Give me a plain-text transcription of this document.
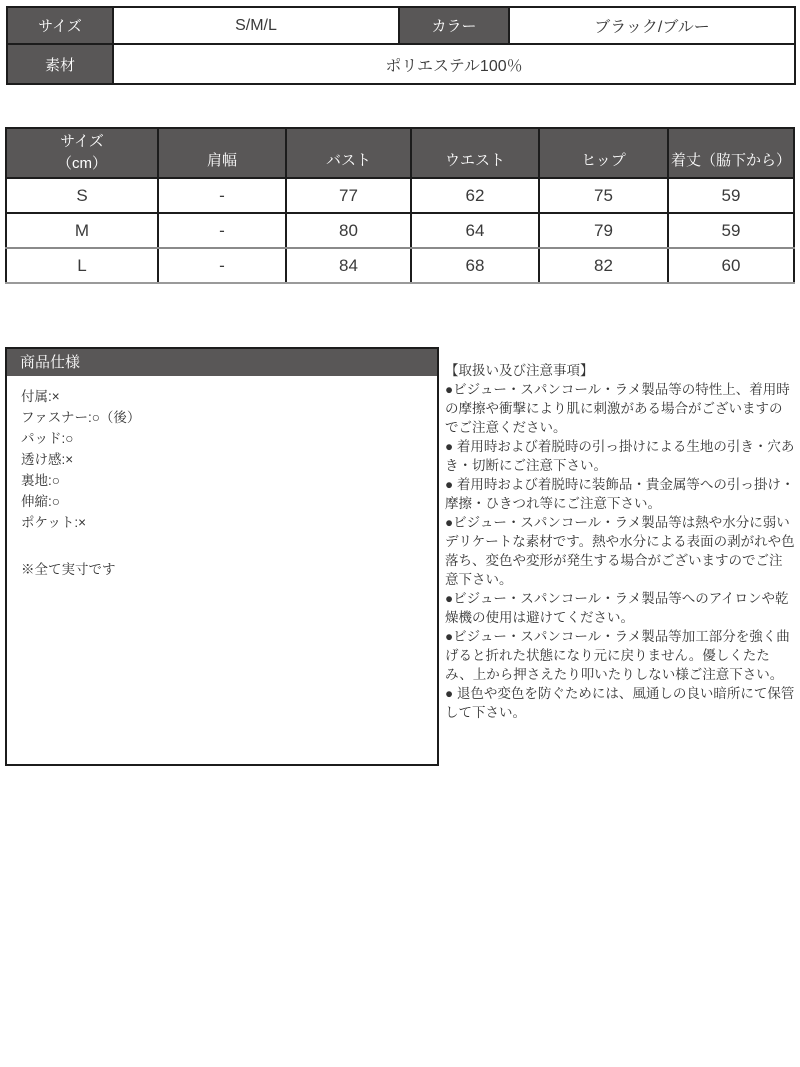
サイズ	S/M/L	カラー	ブラック/ブルー
素材	ポリエステル100％		
サイズ
（cm）	肩幅	バスト	ウエスト	ヒップ	着丈（脇下から）
S	-	77	62	75	59
M	-	80	64	79	59
L	-	84	68	82	60
商品仕様
付属:×
ファスナー:○（後）
パッド:○
透け感:×
裏地:○
伸縮:○
ポケット:×
※全て実寸です

【取扱い及び注意事項】

●ビジュー・スパンコール・ラメ製品等の特性上、着用時の摩擦や衝撃により肌に刺激がある場合がございますのでご注意ください。

● 着用時および着脱時の引っ掛けによる生地の引き・穴あき・切断にご注意下さい。

● 着用時および着脱時に装飾品・貴金属等への引っ掛け・摩擦・ひきつれ等にご注意下さい。

●ビジュー・スパンコール・ラメ製品等は熱や水分に弱いデリケートな素材です。熱や水分による表面の剥がれや色落ち、変色や変形が発生する場合がございますのでご注意下さい。

●ビジュー・スパンコール・ラメ製品等へのアイロンや乾燥機の使用は避けてください。

●ビジュー・スパンコール・ラメ製品等加工部分を強く曲げると折れた状態になり元に戻りません。優しくたたみ、上から押さえたり叩いたりしない様ご注意下さい。

● 退色や変色を防ぐためには、風通しの良い暗所にて保管して下さい。
